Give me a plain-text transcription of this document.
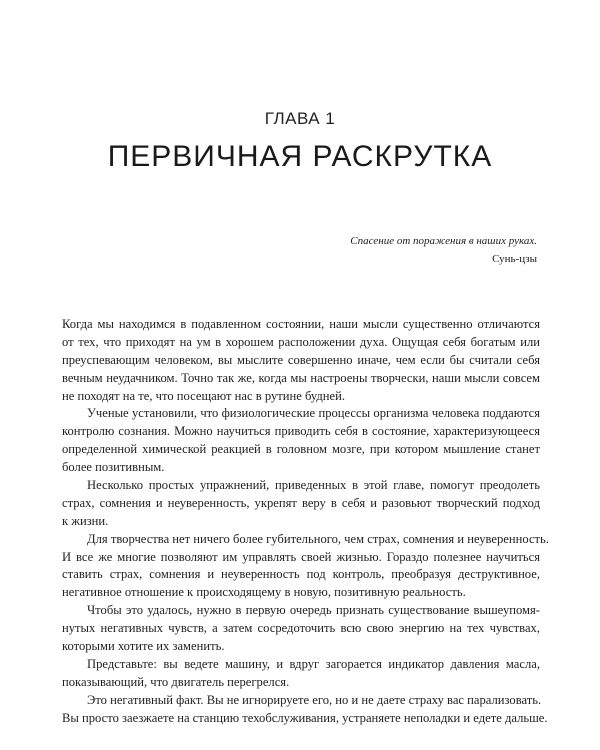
ГЛАВА 1
ПЕРВИЧНАЯ РАСКРУТКА
Спасение от поражения в наших руках.
Сунь-цзы
Когда мы находимся в подавленном состоянии, наши мысли существенно отличаются
от тех, что приходят на ум в хорошем расположении духа. Ощущая себя богатым или
преуспевающим человеком, вы мыслите совершенно иначе, чем если бы считали себя
вечным неудачником. Точно так же, когда мы настроены творчески, наши мысли совсем
не походят на те, что посещают нас в рутине будней.
Ученые установили, что физиологические процессы организма человека поддаются
контролю сознания. Можно научиться приводить себя в состояние, характеризующееся
определенной химической реакцией в головном мозге, при котором мышление станет
более позитивным.
Несколько простых упражнений, приведенных в этой главе, помогут преодолеть
страх, сомнения и неуверенность, укрепят веру в себя и разовьют творческий подход
к жизни.
Для творчества нет ничего более губительного, чем страх, сомнения и неуверенность.
И все же многие позволяют им управлять своей жизнью. Гораздо полезнее научиться
ставить страх, сомнения и неуверенность под контроль, преобразуя деструктивное,
негативное отношение к происходящему в новую, позитивную реальность.
Чтобы это удалось, нужно в первую очередь признать существование вышеупомя-
нутых негативных чувств, а затем сосредоточить всю свою энергию на тех чувствах,
которыми хотите их заменить.
Представьте: вы ведете машину, и вдруг загорается индикатор давления масла,
показывающий, что двигатель перегрелся.
Это негативный факт. Вы не игнорируете его, но и не даете страху вас парализовать.
Вы просто заезжаете на станцию техобслуживания, устраняете неполадки и едете дальше.
